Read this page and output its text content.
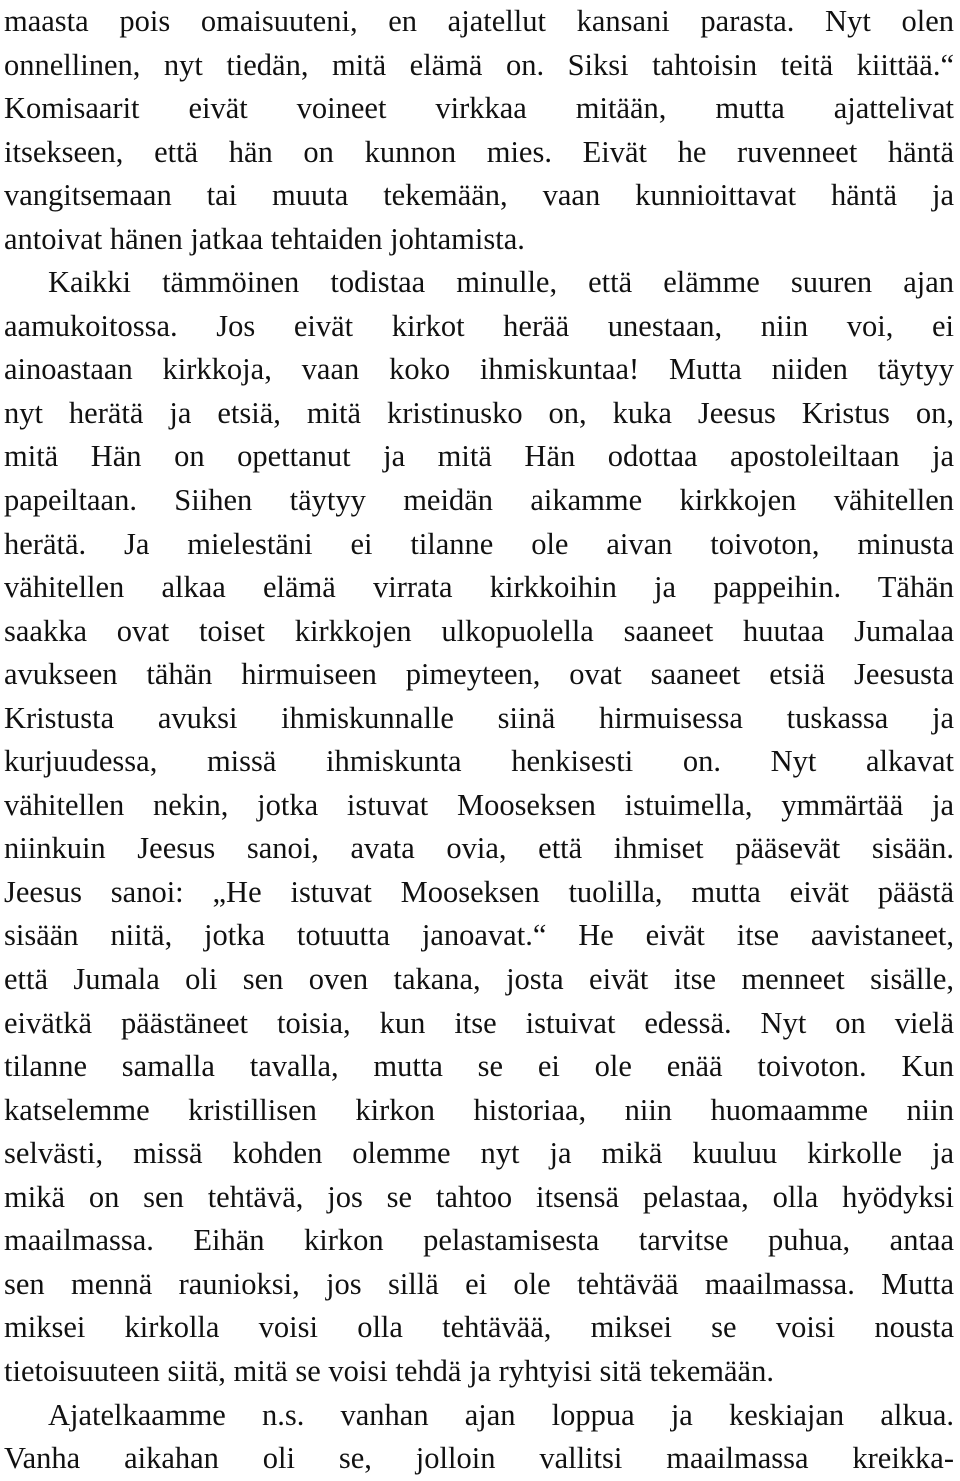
maasta pois omaisuuteni, en ajatellut kansani parasta. Nyt olen
onnellinen, nyt tiedän, mitä elämä on. Siksi tahtoisin teitä kiittää.“
Komisaarit eivät voineet virkkaa mitään, mutta ajattelivat
itsekseen, että hän on kunnon mies. Eivät he ruvenneet häntä
vangitsemaan tai muuta tekemään, vaan kunnioittavat häntä ja
antoivat hänen jatkaa tehtaiden johtamista.
Kaikki tämmöinen todistaa minulle, että elämme suuren ajan
aamukoitossa. Jos eivät kirkot herää unestaan, niin voi, ei
ainoastaan kirkkoja, vaan koko ihmiskuntaa! Mutta niiden täytyy
nyt herätä ja etsiä, mitä kristinusko on, kuka Jeesus Kristus on,
mitä Hän on opettanut ja mitä Hän odottaa apostoleiltaan ja
papeiltaan. Siihen täytyy meidän aikamme kirkkojen vähitellen
herätä. Ja mielestäni ei tilanne ole aivan toivoton, minusta
vähitellen alkaa elämä virrata kirkkoihin ja pappeihin. Tähän
saakka ovat toiset kirkkojen ulkopuolella saaneet huutaa Jumalaa
avukseen tähän hirmuiseen pimeyteen, ovat saaneet etsiä Jeesusta
Kristusta avuksi ihmiskunnalle siinä hirmuisessa tuskassa ja
kurjuudessa, missä ihmiskunta henkisesti on. Nyt alkavat
vähitellen nekin, jotka istuvat Mooseksen istuimella, ymmärtää ja
niinkuin Jeesus sanoi, avata ovia, että ihmiset pääsevät sisään.
Jeesus sanoi: „He istuvat Mooseksen tuolilla, mutta eivät päästä
sisään niitä, jotka totuutta janoavat.“ He eivät itse aavistaneet,
että Jumala oli sen oven takana, josta eivät itse menneet sisälle,
eivätkä päästäneet toisia, kun itse istuivat edessä. Nyt on vielä
tilanne samalla tavalla, mutta se ei ole enää toivoton. Kun
katselemme kristillisen kirkon historiaa, niin huomaamme niin
selvästi, missä kohden olemme nyt ja mikä kuuluu kirkolle ja
mikä on sen tehtävä, jos se tahtoo itsensä pelastaa, olla hyödyksi
maailmassa. Eihän kirkon pelastamisesta tarvitse puhua, antaa
sen mennä raunioksi, jos sillä ei ole tehtävää maailmassa. Mutta
miksei kirkolla voisi olla tehtävää, miksei se voisi nousta
tietoisuuteen siitä, mitä se voisi tehdä ja ryhtyisi sitä tekemään.
Ajatelkaamme n.s. vanhan ajan loppua ja keskiajan alkua.
Vanha aikahan oli se, jolloin vallitsi maailmassa kreikka-
